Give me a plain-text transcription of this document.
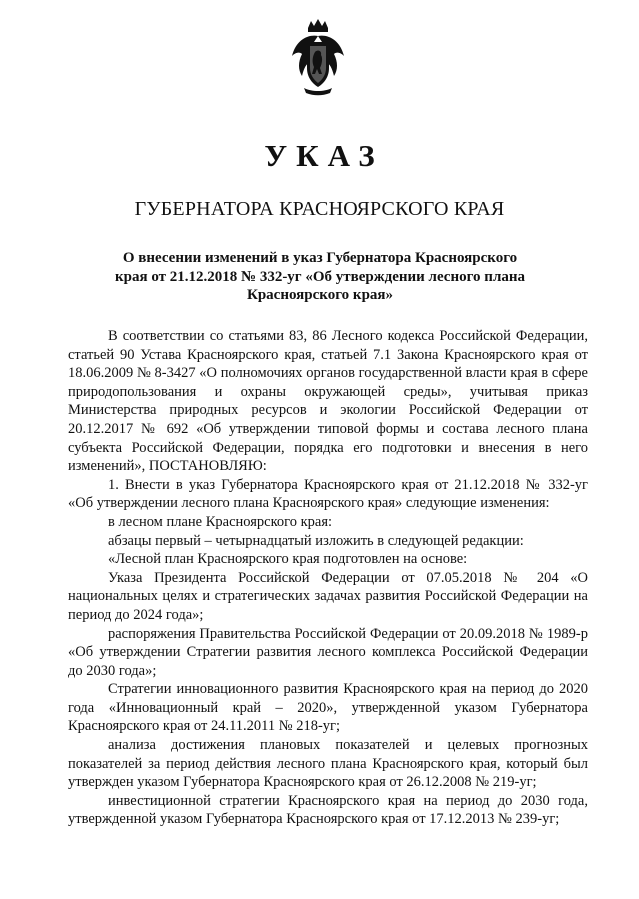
УКАЗ
ГУБЕРНАТОРА КРАСНОЯРСКОГО КРАЯ
О внесении изменений в указ Губернатора Красноярского края от 21.12.2018 № 332-уг «Об утверждении лесного плана Красноярского края»

В соответствии со статьями 83, 86 Лесного кодекса Российской Федерации, статьей 90 Устава Красноярского края, статьей 7.1 Закона Красноярского края от 18.06.2009 № 8-3427 «О полномочиях органов государственной власти края в сфере природопользования и охраны окружающей среды», учитывая приказ Министерства природных ресурсов и экологии Российской Федерации от 20.12.2017 № 692 «Об утверждении типовой формы и состава лесного плана субъекта Российской Федерации, порядка его подготовки и внесения в него изменений», ПОСТАНОВЛЯЮ:

1. Внести в указ Губернатора Красноярского края от 21.12.2018 № 332-уг «Об утверждении лесного плана Красноярского края» следующие изменения:

в лесном плане Красноярского края:

абзацы первый – четырнадцатый изложить в следующей редакции:

«Лесной план Красноярского края подготовлен на основе:

Указа Президента Российской Федерации от 07.05.2018 № 204 «О национальных целях и стратегических задачах развития Российской Федерации на период до 2024 года»;

распоряжения Правительства Российской Федерации от 20.09.2018 № 1989-р «Об утверждении Стратегии развития лесного комплекса Российской Федерации до 2030 года»;

Стратегии инновационного развития Красноярского края на период до 2020 года «Инновационный край – 2020», утвержденной указом Губернатора Красноярского края от 24.11.2011 № 218-уг;

анализа достижения плановых показателей и целевых прогнозных показателей за период действия лесного плана Красноярского края, который был утвержден указом Губернатора Красноярского края от 26.12.2008 № 219-уг;

инвестиционной стратегии Красноярского края на период до 2030 года, утвержденной указом Губернатора Красноярского края от 17.12.2013 № 239-уг;
